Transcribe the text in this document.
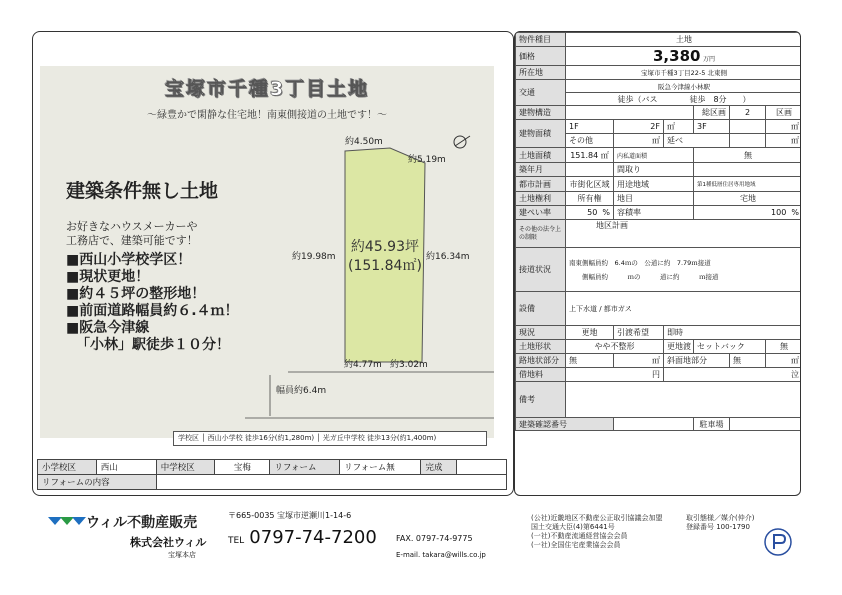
宝塚市千種3丁目土地
～緑豊かで閑静な住宅地！南東側接道の土地です！～
建築条件無し土地
お好きなハウスメーカーや
工務店で、建築可能です！
■西山小学校学区！
■現状更地！
■約４５坪の整形地！
■前面道路幅員約６.４ｍ！
■阪急今津線
「小林」駅徒歩１０分！
約4.50m
約5.19m
約19.98m	約16.34m
約4.77m 約3.02m
幅員約6.4m
約45.93坪
(151.84㎡)
学校区 │ 西山小学校 徒歩16分(約1,280m) │ 光ガ丘中学校 徒歩13分(約1,400m)
小学校区	西山	中学校区	宝梅	リフォーム	リフォーム無	完成	
リフォームの内容							
物件種目	土地					
価格	3,380 万円					
所在地	宝塚市千種3丁目22-5 北東側					
交通	阪急今津線小林駅					
	徒歩（バス　　　　徒歩　8分　　）					
建物構造				総区画	2	区画
建物面積	1F	2F	㎡	3F		㎡
	その他	㎡	延べ			㎡
土地面積	151.84 ㎡	内私道面積		無		
築年月		間取り				
都市計画	市街化区域	用途地域		第1種低層住居専用地域		
土地権利	所有権	地目		宅地		
建ぺい率	50 %	容積率		100 %		
その他の法令上の制限	地区計画					
接道状況	南東側幅員約　6.4ｍの　公道に約　7.79ｍ接道
　　側幅員約　　　ｍの　　　道に約　　　ｍ接道					

設備	上下水道 / 都市ガス					
現況	更地	引渡希望	即時			
土地形状	やや不整形		更地渡	セットバック		無
路地状部分	無	㎡	斜面地部分		無	㎡
借地料	円		泣			
備考						
建築確認番号				駐車場		
ウィル不動産販売
株式会社ウィル
宝塚本店
〒665-0035 宝塚市逆瀬川1-14-6
TEL 0797-74-7200 FAX. 0797-74-9775
E-mail. takara@wills.co.jp
(公社)近畿地区不動産公正取引協議会加盟
国土交通大臣(4)第6441号
(一社)不動産流通経営協会会員
(一社)全国住宅産業協会会員
取引態様／媒介(仲介)
登録番号 100-1790
